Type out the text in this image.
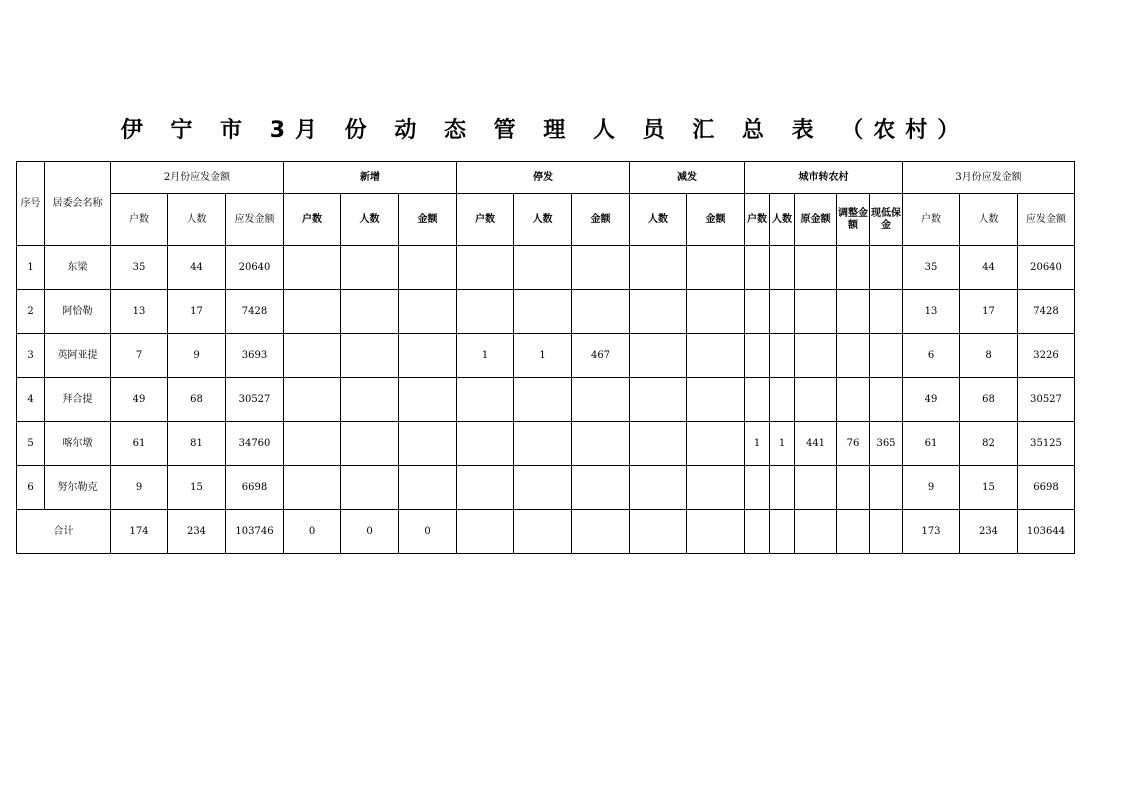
伊 宁 市 3月 份 动 态 管 理 人 员 汇 总 表 （农村）
序号	居委会名称	2月份应发金额			新增			停发			减发		城市转农村					3月份应发金额		
		户数	人数	应发金额	户数	人数	金额	户数	人数	金额	人数	金额	户数	人数	原金额	调整金额	现低保金	户数	人数	应发金额
1	东梁	35	44	20640														35	44	20640
2	阿恰勒	13	17	7428														13	17	7428
3	英阿亚提	7	9	3693				1	1	467								6	8	3226
4	拜合提	49	68	30527														49	68	30527
5	喀尔墩	61	81	34760									1	1	441	76	365	61	82	35125
6	努尔勒克	9	15	6698														9	15	6698
合计		174	234	103746	0	0	0											173	234	103644
